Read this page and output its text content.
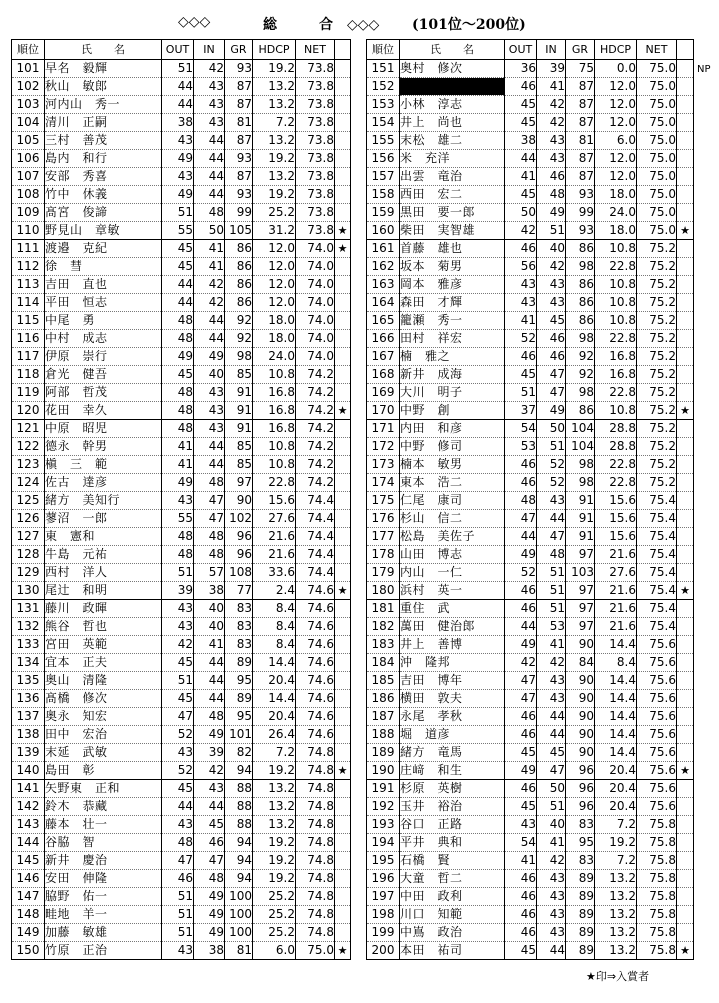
◇◇◇	総	合　 ◇◇◇ (101位～200位)
順位	氏　　名	OUT	IN	GR	HDCP	NET	
101	早名　毅輝	51	42	93	19.2	73.8	
102	秋山　敏郎	44	43	87	13.2	73.8	
103	河内山　秀一	44	43	87	13.2	73.8	
104	清川　正嗣	38	43	81	7.2	73.8	
105	三村　善茂	43	44	87	13.2	73.8	
106	島内　和行	49	44	93	19.2	73.8	
107	安部　秀喜	43	44	87	13.2	73.8	
108	竹中　休義	49	44	93	19.2	73.8	
109	髙宮　俊諦	51	48	99	25.2	73.8	
110	野見山　章敏	55	50	105	31.2	73.8	★
111	渡邉　克紀	45	41	86	12.0	74.0	★
112	徐　彗	45	41	86	12.0	74.0	
113	吉田　直也	44	42	86	12.0	74.0	
114	平田　恒志	44	42	86	12.0	74.0	
115	中尾　勇	48	44	92	18.0	74.0	
116	中村　成志	48	44	92	18.0	74.0	
117	伊原　崇行	49	49	98	24.0	74.0	
118	倉光　健吾	45	40	85	10.8	74.2	
119	阿部　哲茂	48	43	91	16.8	74.2	
120	花田　幸久	48	43	91	16.8	74.2	★
121	中原　昭児	48	43	91	16.8	74.2	
122	德永　幹男	41	44	85	10.8	74.2	
123	槇　三　範	41	44	85	10.8	74.2	
124	佐古　達彦	49	48	97	22.8	74.2	
125	緒方　美知行	43	47	90	15.6	74.4	
126	蓼沼　一郎	55	47	102	27.6	74.4	
127	東　憲和	48	48	96	21.6	74.4	
128	牛島　元祐	48	48	96	21.6	74.4	
129	西村　洋人	51	57	108	33.6	74.4	
130	尾辻　和明	39	38	77	2.4	74.6	★
131	藤川　政暉	43	40	83	8.4	74.6	
132	熊谷　哲也	43	40	83	8.4	74.6	
133	宮田　英範	42	41	83	8.4	74.6	
134	宜本　正夫	45	44	89	14.4	74.6	
135	奥山　清隆	51	44	95	20.4	74.6	
136	髙橋　修次	45	44	89	14.4	74.6	
137	奥永　知宏	47	48	95	20.4	74.6	
138	田中　宏治	52	49	101	26.4	74.6	
139	末延　武敏	43	39	82	7.2	74.8	
140	島田　彰	52	42	94	19.2	74.8	★
141	矢野東　正和	45	43	88	13.2	74.8	
142	鈴木　恭藏	44	44	88	13.2	74.8	
143	藤本　壮一	43	45	88	13.2	74.8	
144	谷脇　智	48	46	94	19.2	74.8	
145	新井　慶治	47	47	94	19.2	74.8	
146	安田　伸隆	46	48	94	19.2	74.8	
147	脇野　佑一	51	49	100	25.2	74.8	
148	畦地　羊一	51	49	100	25.2	74.8	
149	加藤　敏雄	51	49	100	25.2	74.8	
150	竹原　正治	43	38	81	6.0	75.0	★
順位	氏　　名	OUT	IN	GR	HDCP	NET	
151	奥村　修次	36	39	75	0.0	75.0	
152		46	41	87	12.0	75.0	
153	小林　淳志	45	42	87	12.0	75.0	
154	井上　尚也	45	42	87	12.0	75.0	
155	末松　雄二	38	43	81	6.0	75.0	
156	米　充洋	44	43	87	12.0	75.0	
157	出雲　竜治	41	46	87	12.0	75.0	
158	西田　宏二	45	48	93	18.0	75.0	
159	黒田　要一郎	50	49	99	24.0	75.0	
160	柴田　実智雄	42	51	93	18.0	75.0	★
161	首藤　雄也	46	40	86	10.8	75.2	
162	坂本　菊男	56	42	98	22.8	75.2	
163	岡本　雅彦	43	43	86	10.8	75.2	
164	森田　才輝	43	43	86	10.8	75.2	
165	籠瀬　秀一	41	45	86	10.8	75.2	
166	田村　祥宏	52	46	98	22.8	75.2	
167	楠　雅之	46	46	92	16.8	75.2	
168	新井　成海	45	47	92	16.8	75.2	
169	大川　明子	51	47	98	22.8	75.2	
170	中野　創	37	49	86	10.8	75.2	★
171	内田　和彦	54	50	104	28.8	75.2	
172	中野　修司	53	51	104	28.8	75.2	
173	楠本　敏男	46	52	98	22.8	75.2	
174	東本　浩二	46	52	98	22.8	75.2	
175	仁尾　康司	48	43	91	15.6	75.4	
176	杉山　信二	47	44	91	15.6	75.4	
177	松島　美佐子	44	47	91	15.6	75.4	
178	山田　博志	49	48	97	21.6	75.4	
179	内山　一仁	52	51	103	27.6	75.4	
180	浜村　英一	46	51	97	21.6	75.4	★
181	重住　武	46	51	97	21.6	75.4	
182	萬田　健治郎	44	53	97	21.6	75.4	
183	井上　善博	49	41	90	14.4	75.6	
184	沖　隆邦	42	42	84	8.4	75.6	
185	吉田　博年	47	43	90	14.4	75.6	
186	横田　敦夫	47	43	90	14.4	75.6	
187	永尾　孝秋	46	44	90	14.4	75.6	
188	堀　道彦	46	44	90	14.4	75.6	
189	緒方　竜馬	45	45	90	14.4	75.6	
190	庄﨑　和生	49	47	96	20.4	75.6	★
191	杉原　英樹	46	50	96	20.4	75.6	
192	玉井　裕治	45	51	96	20.4	75.6	
193	谷口　正路	43	40	83	7.2	75.8	
194	平井　典和	54	41	95	19.2	75.8	
195	石橋　賢	41	42	83	7.2	75.8	
196	大童　哲二	46	43	89	13.2	75.8	
197	中田　政利	46	43	89	13.2	75.8	
198	川口　知範	46	43	89	13.2	75.8	
199	中嶌　政治	46	43	89	13.2	75.8	
200	本田　祐司	45	44	89	13.2	75.8	★
NP
★印⇒入賞者
